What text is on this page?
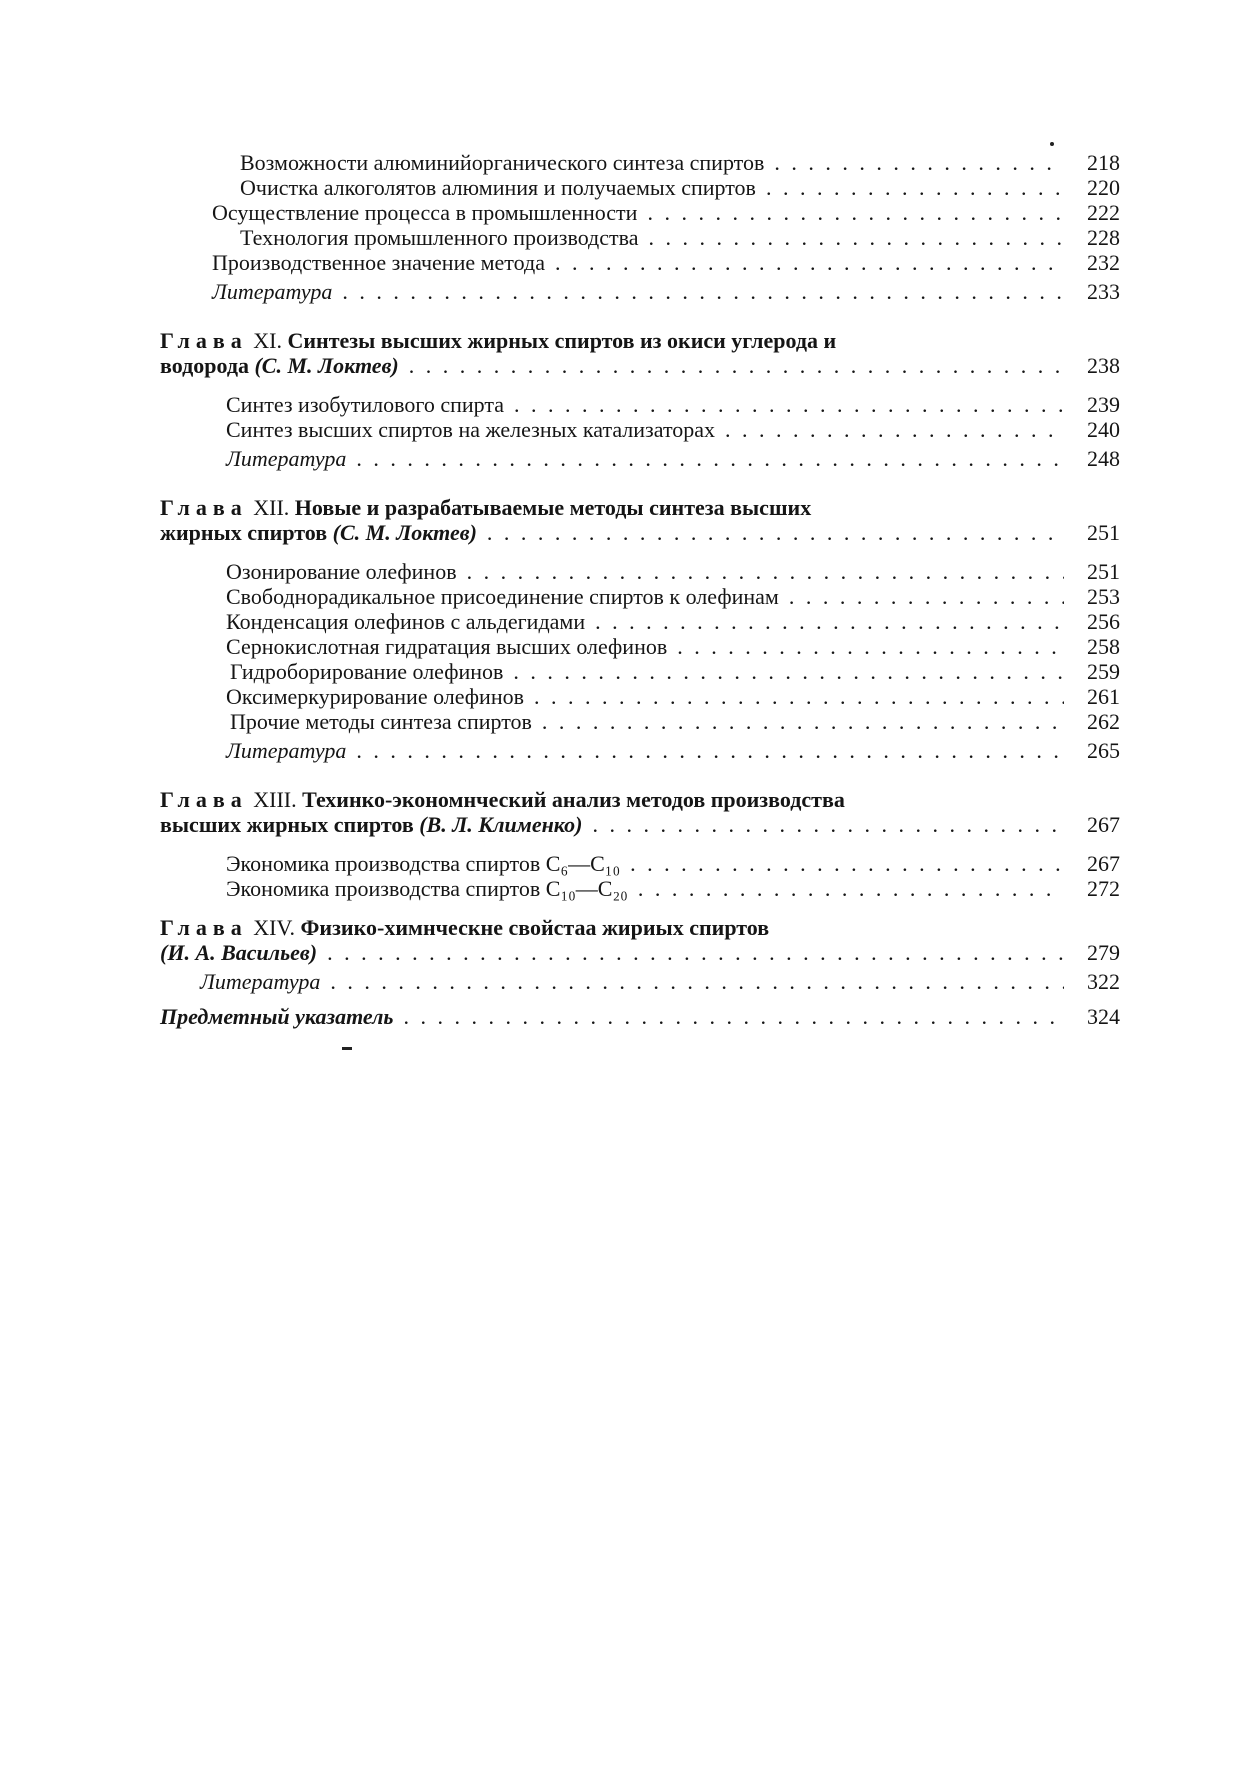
Возможности алюминийорганического синтеза спиртов . . .	218
Очистка алкоголятов алюминия и получаемых спиртов . . .	220
Осуществление процесса в промышленности . . .	222
Технология промышленного производства . . .	228
Производственное значение метода . . .	232
Литература . . .	233
Глава XI. Синтезы высших жирных спиртов из окиси углерода и
водорода (С. М. Локтев) . . .	238
Синтез изобутилового спирта . . .	239
Синтез высших спиртов на железных катализаторах . . .	240
Литература . . .	248
Глава XII. Новые и разрабатываемые методы синтеза высших
жирных спиртов (С. М. Локтев) . . .	251
Озонирование олефинов . . .	251
Свободнорадикальное присоединение спиртов к олефинам . . .	253
Конденсация олефинов с альдегидами . . .	256
Сернокислотная гидратация высших олефинов . . .	258
Гидроборирование олефинов . . .	259
Оксимеркурирование олефинов . . .	261
Прочие методы синтеза спиртов . . .	262
Литература . . .	265
Глава XIII. Техинко-экономнческий анализ методов производства
высших жирных спиртов (В. Л. Клименко) . . .	267
Экономика производства спиртов C₆—C₁₀ . . .	267
Экономика производства спиртов C₁₀—C₂₀ . . .	272
Глава XIV. Физико-химнческне свойстаа жириых спиртов
(И. А. Васильев) . . .	279
Литература . . .	322
Предметный указатель . . .	324
